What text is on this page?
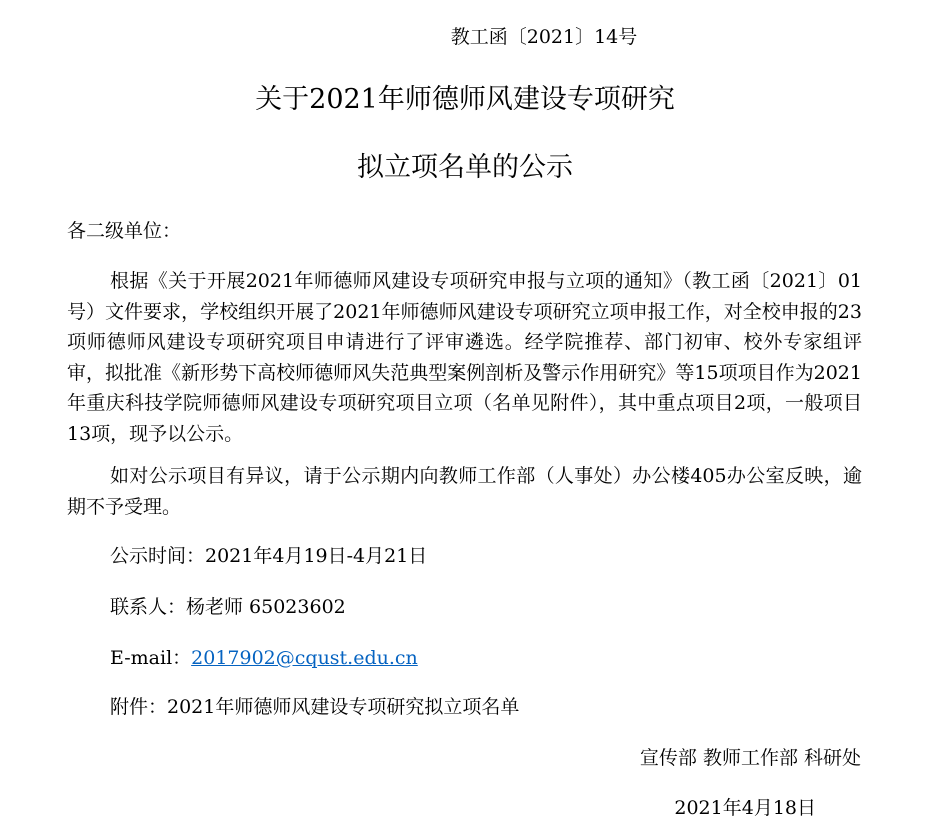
教工函〔2021〕14号
关于2021年师德师风建设专项研究
拟立项名单的公示
各二级单位：

根据《关于开展2021年师德师风建设专项研究申报与立项的通知》（教工函〔2021〕01号）文件要求，学校组织开展了2021年师德师风建设专项研究立项申报工作，对全校申报的23项师德师风建设专项研究项目申请进行了评审遴选。经学院推荐、部门初审、校外专家组评审，拟批准《新形势下高校师德师风失范典型案例剖析及警示作用研究》等15项项目作为2021年重庆科技学院师德师风建设专项研究项目立项（名单见附件），其中重点项目2项，一般项目13项，现予以公示。

如对公示项目有异议，请于公示期内向教师工作部（人事处）办公楼405办公室反映，逾期不予受理。

公示时间：2021年4月19日-4月21日
联系人：杨老师 65023602
E-mail：2017902@cqust.edu.cn
附件：2021年师德师风建设专项研究拟立项名单
宣传部 教师工作部 科研处
2021年4月18日
